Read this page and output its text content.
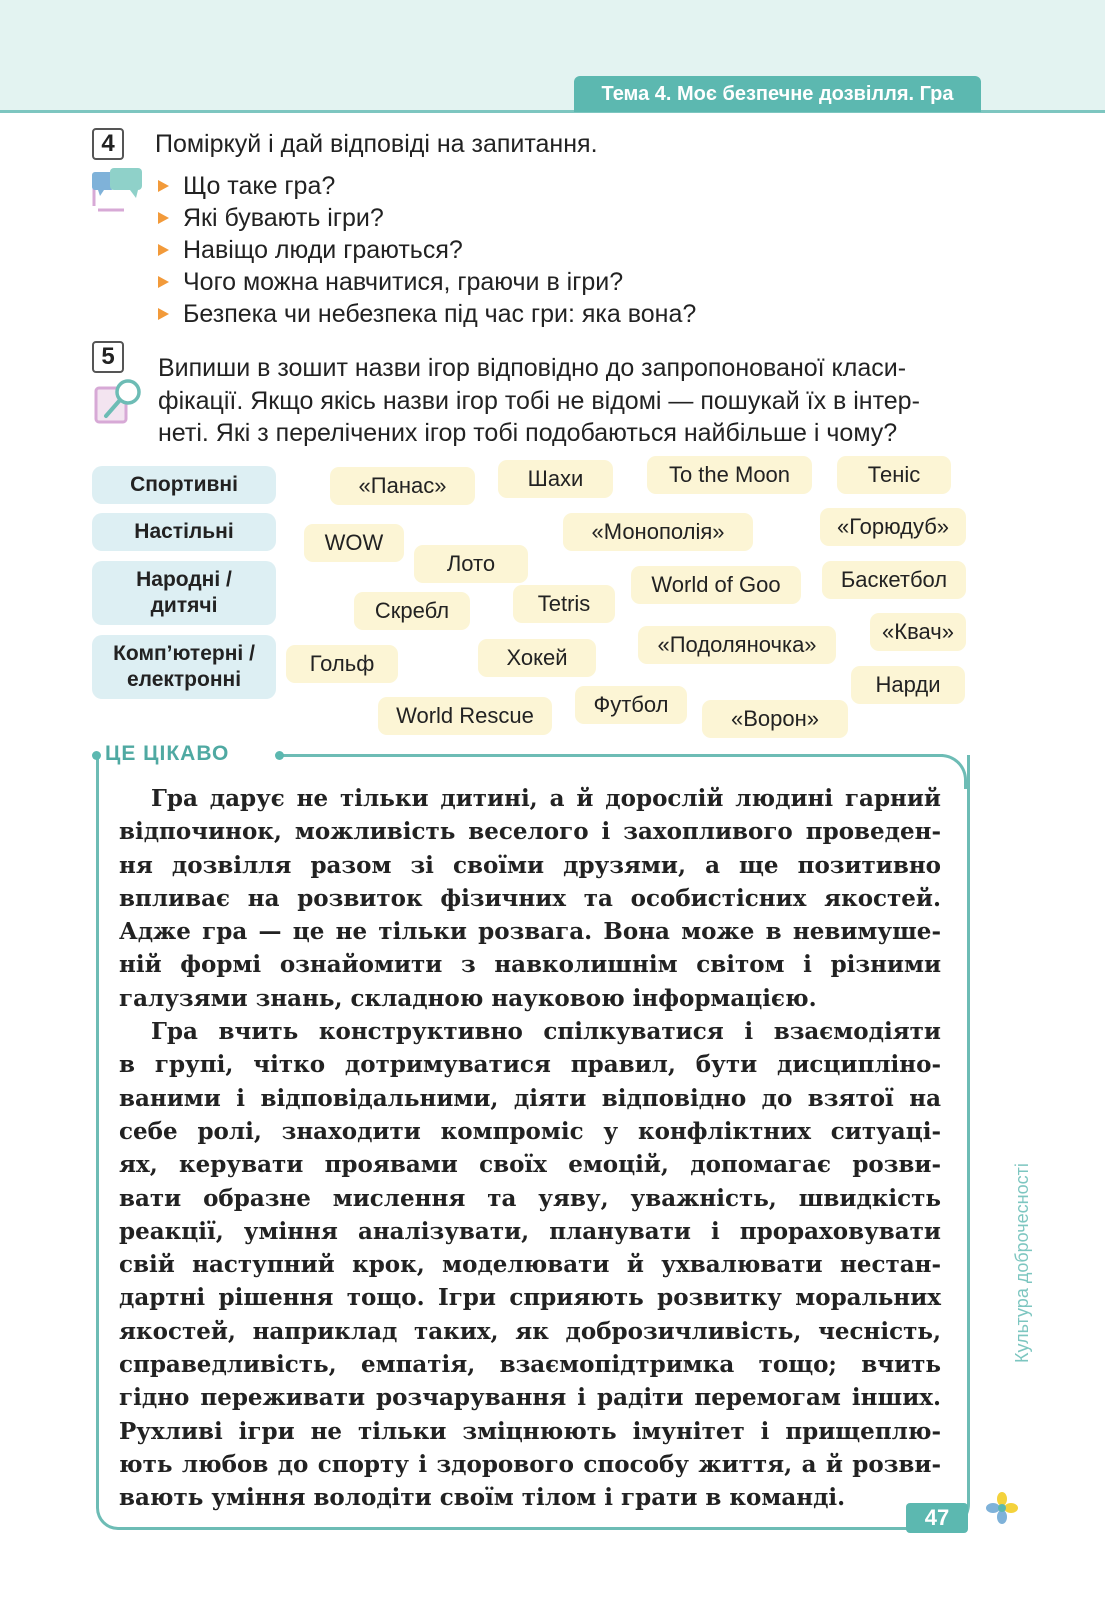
Тема 4. Моє безпечне дозвілля. Гра
4	Поміркуй і дай відповіді на запитання.
Що таке гра?
Які бувають ігри?
Навіщо люди граються?
Чого можна навчитися, граючи в ігри?
Безпека чи небезпека під час гри: яка вона?
5	Випиши в зошит назви ігор відповідно до запропонованої класи-
фікації. Якщо якісь назви ігор тобі не відомі — пошукай їх в інтер-
неті. Які з перелічених ігор тобі подобаються найбільше і чому?
Спортивні
Настільні
Народні /
дитячі
Комп’ютерні /
електронні
«Панас»	Шахи	To the Moon	Теніс
WOW	«Монополія»	«Горюдуб»
Лото
World of Goo	Баскетбол
Скребл	Tetris
«Подоляночка»
«Квач»
Гольф	Хокей
Нарди
Футбол
World Rescue	«Ворон»
ЦЕ ЦІКАВО
Гра дарує не тільки дитині, а й дорослій людині гарний
відпочинок, можливість веселого і захопливого проведен-
ня дозвілля разом зі своїми друзями, а ще позитивно
впливає на розвиток фізичних та особистісних якостей.
Адже гра — це не тільки розвага. Вона може в невимуше-
ній формі ознайомити з навколишнім світом і різними
галузями знань, складною науковою інформацією.
Гра вчить конструктивно спілкуватися і взаємодіяти
в групі, чітко дотримуватися правил, бути дисципліно-
ваними і відповідальними, діяти відповідно до взятої на
себе ролі, знаходити компроміс у конфліктних ситуаці-
ях, керувати проявами своїх емоцій, допомагає розви-
вати образне мислення та уяву, уважність, швидкість
реакції, уміння аналізувати, планувати і прораховувати
свій наступний крок, моделювати й ухвалювати нестан-
дартні рішення тощо. Ігри сприяють розвитку моральних
якостей, наприклад таких, як доброзичливість, чесність,
справедливість, емпатія, взаємопідтримка тощо; вчить
гідно переживати розчарування і радіти перемогам інших.
Рухливі ігри не тільки зміцнюють імунітет і прищеплю-
ють любов до спорту і здорового способу життя, а й розви-
вають уміння володіти своїм тілом і грати в команді.
47
Культура доброчесності
